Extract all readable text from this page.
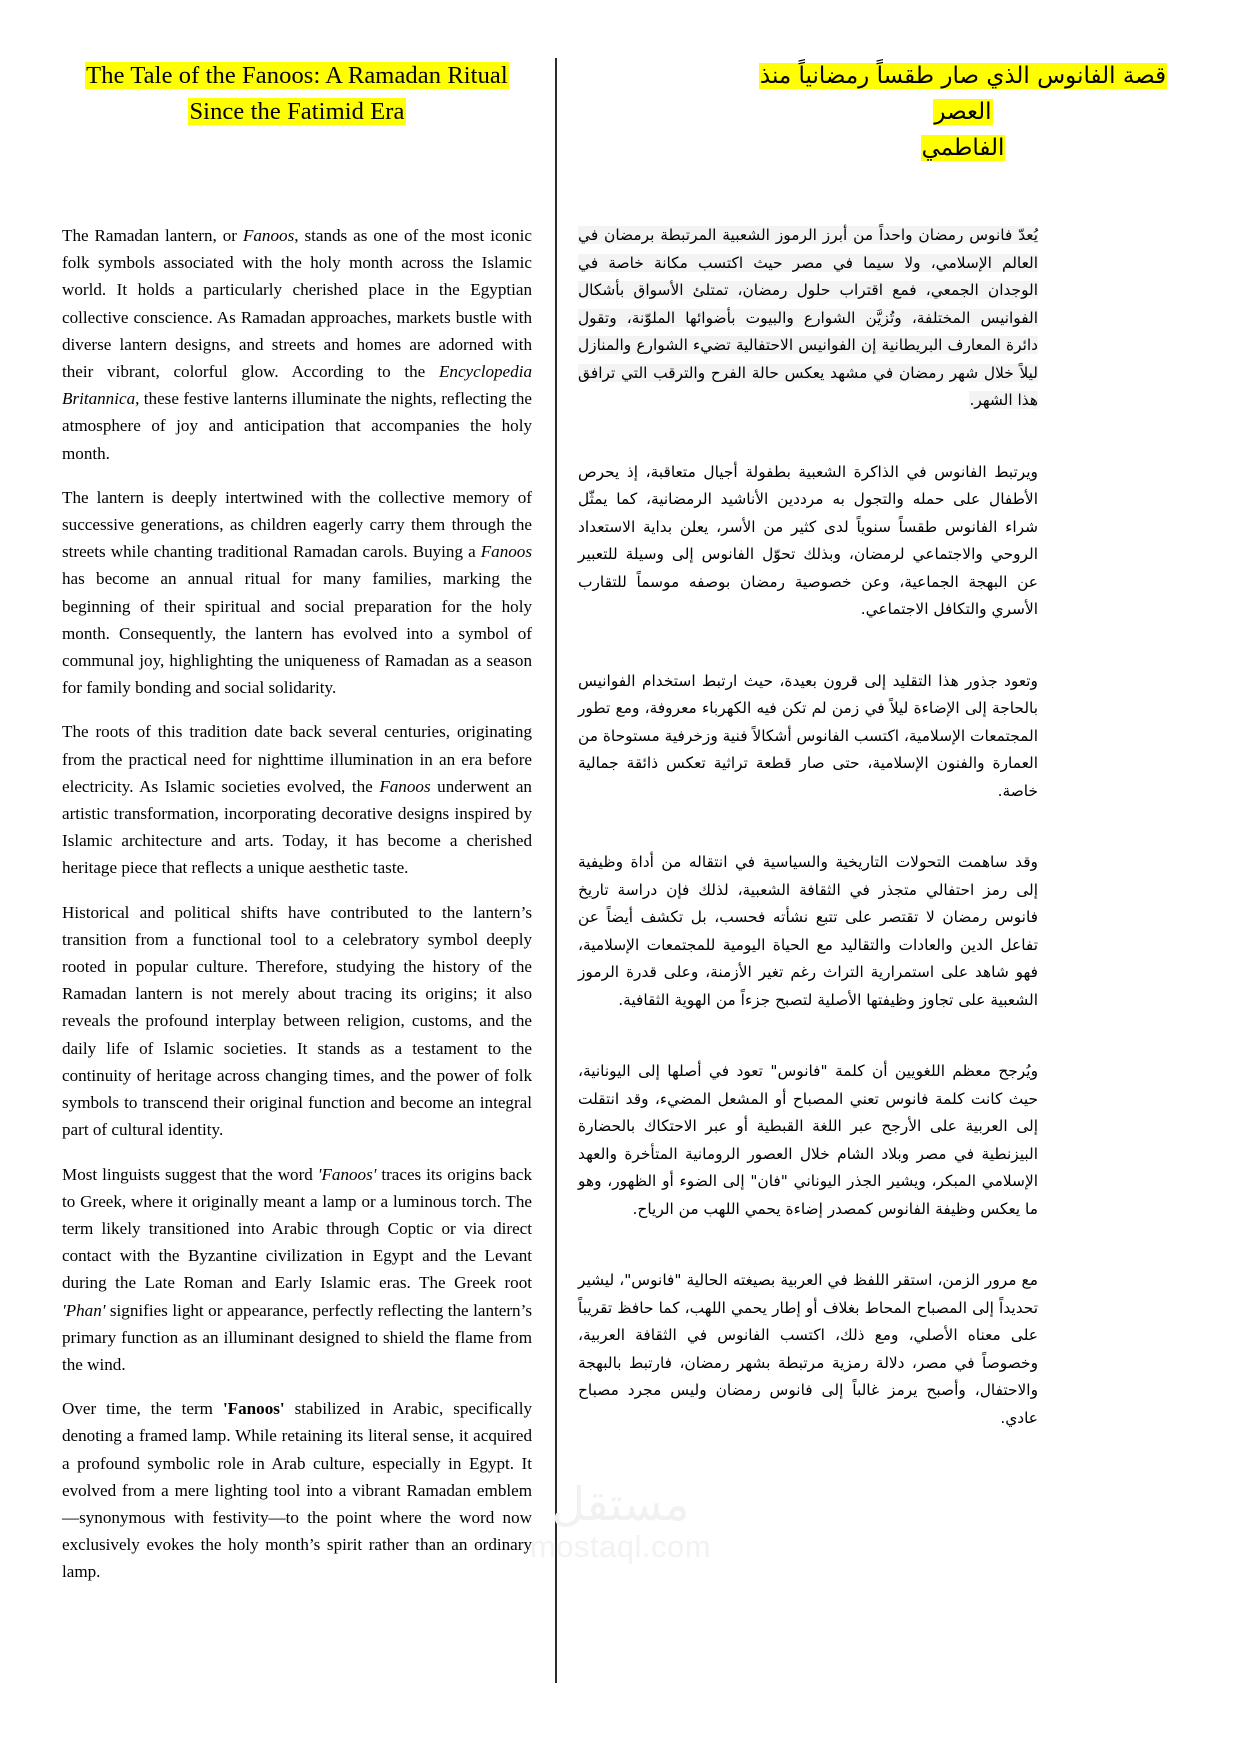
The Tale of the Fanoos: A Ramadan Ritual
Since the Fatimid Era
قصة الفانوس الذي صار طقساً رمضانياً منذ العصر
الفاطمي

The Ramadan lantern, or Fanoos, stands as one of the most iconic folk symbols associated with the holy month across the Islamic world. It holds a particularly cherished place in the Egyptian collective conscience. As Ramadan approaches, markets bustle with diverse lantern designs, and streets and homes are adorned with their vibrant, colorful glow. According to the Encyclopedia Britannica, these festive lanterns illuminate the nights, reflecting the atmosphere of joy and anticipation that accompanies the holy month.

The lantern is deeply intertwined with the collective memory of successive generations, as children eagerly carry them through the streets while chanting traditional Ramadan carols. Buying a Fanoos has become an annual ritual for many families, marking the beginning of their spiritual and social preparation for the holy month. Consequently, the lantern has evolved into a symbol of communal joy, highlighting the uniqueness of Ramadan as a season for family bonding and social solidarity.

The roots of this tradition date back several centuries, originating from the practical need for nighttime illumination in an era before electricity. As Islamic societies evolved, the Fanoos underwent an artistic transformation, incorporating decorative designs inspired by Islamic architecture and arts. Today, it has become a cherished heritage piece that reflects a unique aesthetic taste.

Historical and political shifts have contributed to the lantern’s transition from a functional tool to a celebratory symbol deeply rooted in popular culture. Therefore, studying the history of the Ramadan lantern is not merely about tracing its origins; it also reveals the profound interplay between religion, customs, and the daily life of Islamic societies. It stands as a testament to the continuity of heritage across changing times, and the power of folk symbols to transcend their original function and become an integral part of cultural identity.

Most linguists suggest that the word 'Fanoos' traces its origins back to Greek, where it originally meant a lamp or a luminous torch. The term likely transitioned into Arabic through Coptic or via direct contact with the Byzantine civilization in Egypt and the Levant during the Late Roman and Early Islamic eras. The Greek root 'Phan' signifies light or appearance, perfectly reflecting the lantern’s primary function as an illuminant designed to shield the flame from the wind.

Over time, the term 'Fanoos' stabilized in Arabic, specifically denoting a framed lamp. While retaining its literal sense, it acquired a profound symbolic role in Arab culture, especially in Egypt. It evolved from a mere lighting tool into a vibrant Ramadan emblem—synonymous with festivity—to the point where the word now exclusively evokes the holy month’s spirit rather than an ordinary lamp.

يُعدّ فانوس رمضان واحداً من أبرز الرموز الشعبية المرتبطة برمضان في العالم الإسلامي، ولا سيما في مصر حيث اكتسب مكانة خاصة في الوجدان الجمعي، فمع اقتراب حلول رمضان، تمتلئ الأسواق بأشكال الفوانيس المختلفة، وتُزيَّن الشوارع والبيوت بأضوائها الملوّنة، وتقول دائرة المعارف البريطانية إن الفوانيس الاحتفالية تضيء الشوارع والمنازل ليلاً خلال شهر رمضان في مشهد يعكس حالة الفرح والترقب التي ترافق هذا الشهر.

ويرتبط الفانوس في الذاكرة الشعبية بطفولة أجيال متعاقبة، إذ يحرص الأطفال على حمله والتجول به مرددين الأناشيد الرمضانية، كما يمثّل شراء الفانوس طقساً سنوياً لدى كثير من الأسر، يعلن بداية الاستعداد الروحي والاجتماعي لرمضان، وبذلك تحوّل الفانوس إلى وسيلة للتعبير عن البهجة الجماعية، وعن خصوصية رمضان بوصفه موسماً للتقارب الأسري والتكافل الاجتماعي.

وتعود جذور هذا التقليد إلى قرون بعيدة، حيث ارتبط استخدام الفوانيس بالحاجة إلى الإضاءة ليلاً في زمن لم تكن فيه الكهرباء معروفة، ومع تطور المجتمعات الإسلامية، اكتسب الفانوس أشكالاً فنية وزخرفية مستوحاة من العمارة والفنون الإسلامية، حتى صار قطعة تراثية تعكس ذائقة جمالية خاصة.

وقد ساهمت التحولات التاريخية والسياسية في انتقاله من أداة وظيفية إلى رمز احتفالي متجذر في الثقافة الشعبية، لذلك فإن دراسة تاريخ فانوس رمضان لا تقتصر على تتبع نشأته فحسب، بل تكشف أيضاً عن تفاعل الدين والعادات والتقاليد مع الحياة اليومية للمجتمعات الإسلامية، فهو شاهد على استمرارية التراث رغم تغير الأزمنة، وعلى قدرة الرموز الشعبية على تجاوز وظيفتها الأصلية لتصبح جزءاً من الهوية الثقافية.

ويُرجح معظم اللغويين أن كلمة "فانوس" تعود في أصلها إلى اليونانية، حيث كانت كلمة فانوس تعني المصباح أو المشعل المضيء، وقد انتقلت إلى العربية على الأرجح عبر اللغة القبطية أو عبر الاحتكاك بالحضارة البيزنطية في مصر وبلاد الشام خلال العصور الرومانية المتأخرة والعهد الإسلامي المبكر، ويشير الجذر اليوناني "فان" إلى الضوء أو الظهور، وهو ما يعكس وظيفة الفانوس كمصدر إضاءة يحمي اللهب من الرياح.

مع مرور الزمن، استقر اللفظ في العربية بصيغته الحالية "فانوس"، ليشير تحديداً إلى المصباح المحاط بغلاف أو إطار يحمي اللهب، كما حافظ تقريباً على معناه الأصلي، ومع ذلك، اكتسب الفانوس في الثقافة العربية، وخصوصاً في مصر، دلالة رمزية مرتبطة بشهر رمضان، فارتبط بالبهجة والاحتفال، وأصبح يرمز غالباً إلى فانوس رمضان وليس مجرد مصباح عادي.

مستقل
mostaql.com
